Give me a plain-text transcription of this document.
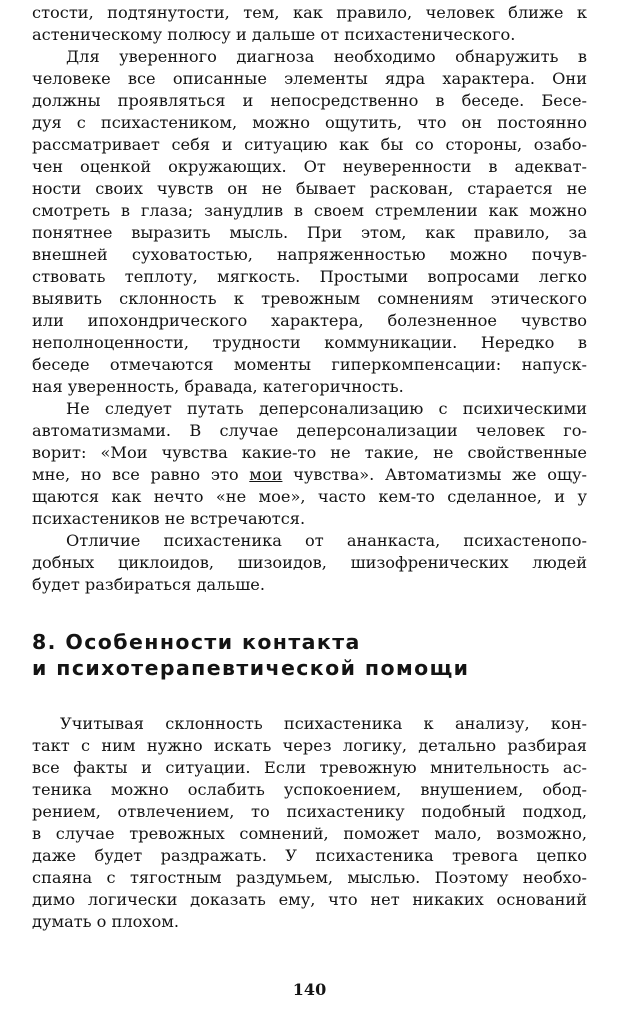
стости, подтянутости, тем, как правило, человек ближе к
астеническому полюсу и дальше от психастенического.
Для уверенного диагноза необходимо обнаружить в
человеке все описанные элементы ядра характера. Они
должны проявляться и непосредственно в беседе. Бесе-
дуя с психастеником, можно ощутить, что он постоянно
рассматривает себя и ситуацию как бы со стороны, озабо-
чен оценкой окружающих. От неуверенности в адекват-
ности своих чувств он не бывает раскован, старается не
смотреть в глаза; занудлив в своем стремлении как можно
понятнее выразить мысль. При этом, как правило, за
внешней суховатостью, напряженностью можно почув-
ствовать теплоту, мягкость. Простыми вопросами легко
выявить склонность к тревожным сомнениям этического
или ипохондрического характера, болезненное чувство
неполноценности, трудности коммуникации. Нередко в
беседе отмечаются моменты гиперкомпенсации: напуск-
ная уверенность, бравада, категоричность.
Не следует путать деперсонализацию с психическими
автоматизмами. В случае деперсонализации человек го-
ворит: «Мои чувства какие-то не такие, не свойственные
мне, но все равно это мои чувства». Автоматизмы же ощу-
щаются как нечто «не мое», часто кем-то сделанное, и у
психастеников не встречаются.
Отличие психастеника от ананкаста, психастенопо-
добных циклоидов, шизоидов, шизофренических людей
будет разбираться дальше.
8. Особенности контакта
и психотерапевтической помощи
Учитывая склонность психастеника к анализу, кон-
такт с ним нужно искать через логику, детально разбирая
все факты и ситуации. Если тревожную мнительность ас-
теника можно ослабить успокоением, внушением, обод-
рением, отвлечением, то психастенику подобный подход,
в случае тревожных сомнений, поможет мало, возможно,
даже будет раздражать. У психастеника тревога цепко
спаяна с тягостным раздумьем, мыслью. Поэтому необхо-
димо логически доказать ему, что нет никаких оснований
думать о плохом.
140
